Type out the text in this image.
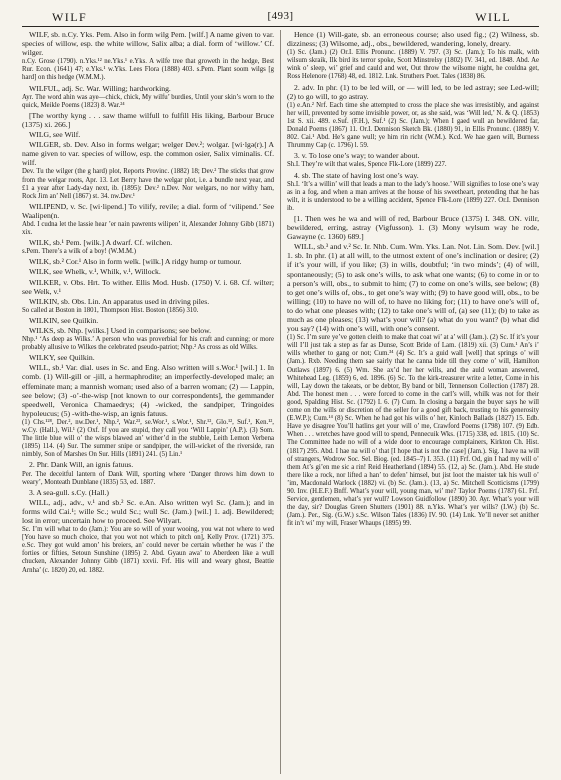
WILF	[493]	WILL

WILF, sb. n.Cy. Yks. Pem. Also in form wilg Pem. [wilf.] A name given to var. species of willow, esp. the white willow, Salix alba; a dial. form of ‘willow.’ Cf. wilger.

n.Cy. Grose (1790). n.Yks.¹² ne.Yks.¹ e.Yks. A wilfe tree that groweth in the hedge, Best Rur. Econ. (1641) 47; e.Yks.¹ w.Yks. Lees Flora (1888) 403. s.Pem. Plant soom wilgs [g hard] on this hedge (W.M.M.).

WILFUL, adj. Sc. War. Willing; hardworking.

Ayr. The word ahin was aye—chick, chick, My wilfu’ burdies, Until your skin’s worn to the quick, Meikle Poems (1823) 8. War.²⁴

[The worthy kyng . . . saw thame wilfull to fulfill His liking, Barbour Bruce (1375) xi. 266.]

WILG, see Wilf.

WILGER, sb. Dev. Also in forms welgar; welger Dev.²; wolgar. [wi·lgə(r).] A name given to var. species of willow, esp. the common osier, Salix viminalis. Cf. wilf.

Dev. Tu the wilger (the g hard) plot, Reports Provinc. (1882) 18; Dev.² The sticks that grow from the welgar roots, Apr. 13. Let Berry have the welgar plot, i.e. a bundle next year, and £1 a year after Lady-day next, ib. (1895): Dev.² n.Dev. Nor welgars, no nor withy ham, Rock Jim an’ Nell (1867) st. 34. nw.Dev.¹

WILIPEND, v. Sc. [wi·lipend.] To vilify, revile; a dial. form of ‘vilipend.’ See Waalipen(n.

Abd. I cudna let the lassie hear ’er nain pawrents wilipen’ it, Alexander Johnny Gibb (1871) xix.

WILK, sb.¹ Pem. [wilk.] A dwarf. Cf. wilchen.

s.Pem. There’s a wilk of a boy! (W.M.M.)

WILK, sb.² Cor.¹ Also in form welk. [wilk.] A ridgy hump or tumour.

WILK, see Whelk, v.¹, Whilk, v.¹, Willock.

WILKER, v. Obs. Hrt. To wither. Ellis Mod. Husb. (1750) V. i. 68. Cf. wilter; see Welk, v.¹

WILKIN, sb. Obs. Lin. An apparatus used in driving piles.

So called at Boston in 1801, Thompson Hist. Boston (1856) 310.

WILKIN, see Quilkin.

WILKS, sb. Nhp. [wilks.] Used in comparisons; see below.

Nhp.¹ ‘As deep as Wilks.’ A person who was proverbial for his craft and cunning; or more probably allusive to Wilkes the celebrated pseudo-patriot; Nhp.² As cross as old Wilks.

WILKY, see Quilkin.

WILL, sb.¹ Var. dial. uses in Sc. and Eng. Also written will s.Wor.¹ [wil.] 1. In comb. (1) Will-gill or -jill, a hermaphrodite; an imperfectly-developed male; an effeminate man; a mannish woman; used also of a barren woman; (2) — Lappin, see below; (3) -o’-the-wisp [not known to our correspondents], the gemmander speedwell, Veronica Chamaedrys; (4) -wicked, the sandpiper, Tringoides hypoleucus; (5) -with-the-wisp, an ignis fatuus.

(1) Chs.¹²⁸, Der.², nw.Der.¹, Nhp.², War.²³, se.Wor.¹, s.Wor.¹, Shr.¹², Glo.¹², Suf.¹, Ken.¹², w.Cy. (Hall.), Wil.¹ (2) Oxf. If you are stupid, they call you ‘Will Lappin’ (A.P.). (3) Som. The little blue will o’ the wisps blawed an’ wither’d in the stubble, Leith Lemon Verbena (1895) 114. (4) Sur. The summer snipe or sandpiper, the will-wicket of the riverside, ran nimbly, Son of Marshes On Sur. Hills (1891) 241. (5) Lin.¹

2. Phr. Dank Will, an ignis fatuus.

Per. The deceitful lantern of Dank Will, sporting where ‘Danger throws him down to weary’, Monteath Dunblane (1835) 53, ed. 1887.

3. A sea-gull. s.Cy. (Hall.)

WILL, adj., adv., v.¹ and sb.² Sc. e.An. Also written wyl Sc. (Jam.); and in forms wild Cai.¹; wille Sc.; wuld Sc.; wull Sc. (Jam.) [wil.] 1. adj. Bewildered; lost in error; uncertain how to proceed. See Wilyart.

Sc. I’m will what to do (Jam.): You are so will of your wooing, you wat not where to wed [You have so much choice, that you wot not which to pitch on], Kelly Prov. (1721) 375. e.Sc. They got wuld amon’ his breiers, an’ could never be certain whether he was i’ the forties or fifties, Setoun Sunshine (1895) 2. Abd. Gyaun awa’ to Aberdeen like a wull chucken, Alexander Johnny Gibb (1871) xxvii. Frf. His will and weary ghost, Beattie Arnha’ (c. 1820) 20, ed. 1882.

Hence (1) Will-gate, sb. an erroneous course; also used fig.; (2) Wilness, sb. dizziness; (3) Wilsome, adj., obs., bewildered, wandering, lonely, dreary.

(1) Sc. (Jam.) (2) Or.I. Ellis Pronunc. (1889) V. 797. (3) Sc. (Jam.); To his malk, with wilsum skraik, Ilk bird its terror spoke, Scott Minstrelsy (1802) IV. 341, ed. 1848. Abd. Ae wink o’ sleep, wi’ grief and cauld and wet, Out throw the wilsome night, he couldna get, Ross Helenore (1768) 48, ed. 1812. Lnk. Struthers Poet. Tales (1838) 86.

2. adv. In phr. (1) to be led will, or — will led, to be led astray; see Led-will; (2) to go will, to go astray.

(1) e.An.² Nrf. Each time she attempted to cross the place she was irresistibly, and against her will, prevented by some invisible power, or, as she said, was ‘Will led,’ N. & Q. (1853) 1st S. xii. 489. e.Suf. (F.H.), Suf.¹ (2) Sc. (Jam.); When I gaed wull an bewildered far, Donald Poems (1867) 11. Or.I. Dennison Sketch Bk. (1880) 91, in Ellis Pronunc. (1889) V. 802. Cai.¹ Abd. He’s gane wull; ye him rin richt (W.M.). Kcd. We hae gaen will, Burness Thrummy Cap (c. 1796) l. 59.

3. v. To lose one’s way; to wander about.

Sh.I. They’re wilt that wales, Spence Flk-Lore (1899) 227.

4. sb. The state of having lost one’s way.

Sh.I. ‘It’s a willin’ will that leads a man to the lady’s hoose.’ Will signifies to lose one’s way as in a fog, and when a man arrives at the house of his sweetheart, pretending that he has wilt, it is understood to be a willing accident, Spence Flk-Lore (1899) 227. Or.I. Dennison ib.

[1. Then wes he wa and will of red, Barbour Bruce (1375) I. 348. ON. villr, bewildered, erring, astray (Vigfusson). 1. (3) Mony wylsum way he rode, Gawayne (c. 1360) 689.]

WILL, sb.³ and v.² Sc. Ir. Nhb. Cum. Wm. Yks. Lan. Not. Lin. Som. Dev. [wil.] 1. sb. In phr. (1) at all will, to the utmost extent of one’s inclination or desire; (2) if it’s your will, if you like; (3) in wills, doubtful; ‘in two minds’; (4) of will, spontaneously; (5) to ask one’s wills, to ask what one wants; (6) to come in or to a person’s will, obs., to submit to him; (7) to come on one’s wills, see below; (8) to get one’s wills of, obs., to get one’s way with; (9) to have good will, obs., to be willing; (10) to have no will of, to have no liking for; (11) to have one’s will of, to do what one pleases with; (12) to take one’s will of, (a) see (11); (b) to take as much as one pleases; (13) what’s your will? (a) what do you want? (b) what did you say? (14) with one’s will, with one’s consent.

(1) Sc. I’m sure ye’ve gotten cleith to make that coat wi’ at a’ will (Jam.). (2) Sc. If it’s your will I’ll just tak a step as far as Dunse, Scott Bride of Lam. (1819) xii. (3) Cum.¹ An’s i’ wills whether to gang or not; Cum.³⁴ (4) Sc. It’s a guid wall [well] that springs o’ will (Jam.). Rxb. Needing them sae sairly that he canna bide till they come o’ will, Hamilton Outlaws (1897) 6. (5) Wm. She ax’d her her wills, and the auld woman answered, Whitehead Leg. (1859) 6, ed. 1896. (6) Sc. To the kirk-treasurer write a letter, Come in his will, Lay down the takeats, or be debtor, By band or bill, Tennenson Collection (1787) 28. Abd. The honest men . . . were forced to come in the carl’s will, whilk was not for their good, Spalding Hist. Sc. (1792) I. 6. (7) Cum. In closing a bargain the buyer says he will come on the wills or discretion of the seller for a good gift back, trusting to his generosity (E.W.P.); Cum.¹⁴ (8) Sc. When he had got his wills o’ her, Kinloch Ballads (1827) 15. Edb. Have ye disagree You’ll hatlins get your will o’ me, Crawford Poems (1798) 107. (9) Edb. When . . . wretches have good will to spend, Pennecuik Wks. (1715) 338, ed. 1815. (10) Sc. The Committee hade no will of a wide door to encourage complainers, Kirkton Ch. Hist. (1817) 295. Abd. I hae na will o’ that [I hope that is not the case] (Jam.). Sig. I have na will of strangers, Wodrow Soc. Sel. Biog. (ed. 1845–7) I. 353. (11) Frf. Od, gin I had my will o’ them At’s gi’en me sic a rin! Reid Heatherland (1894) 55. (12, a) Sc. (Jam.). Abd. He stude there like a rock, nor lifted a han’ to defen’ himsel, but jist loot the maister tak his wull o’ ’im, Macdonald Warlock (1882) vi. (b) Sc. (Jam.). (13, a) Sc. Mitchell Scotticisms (1799) 90. Inv. (H.E.F.) Bnff. What’s your will, young man, wi’ me? Taylor Poems (1787) 61. Frf. Service, gentlemen, what’s yer wull? Lowson Guidfollow (1890) 30. Ayr. What’s your will the day, sir? Douglas Green Shutters (1901) 88. n.Yks. What’s yer wills? (I.W.) (b) Sc. (Jam.). Per., Sig. (G.W.) s.Sc. Wilson Tales (1836) IV. 90. (14) Lnk. Ye’ll never set anither fit in’t wi’ my will, Fraser Whaups (1895) 99.
